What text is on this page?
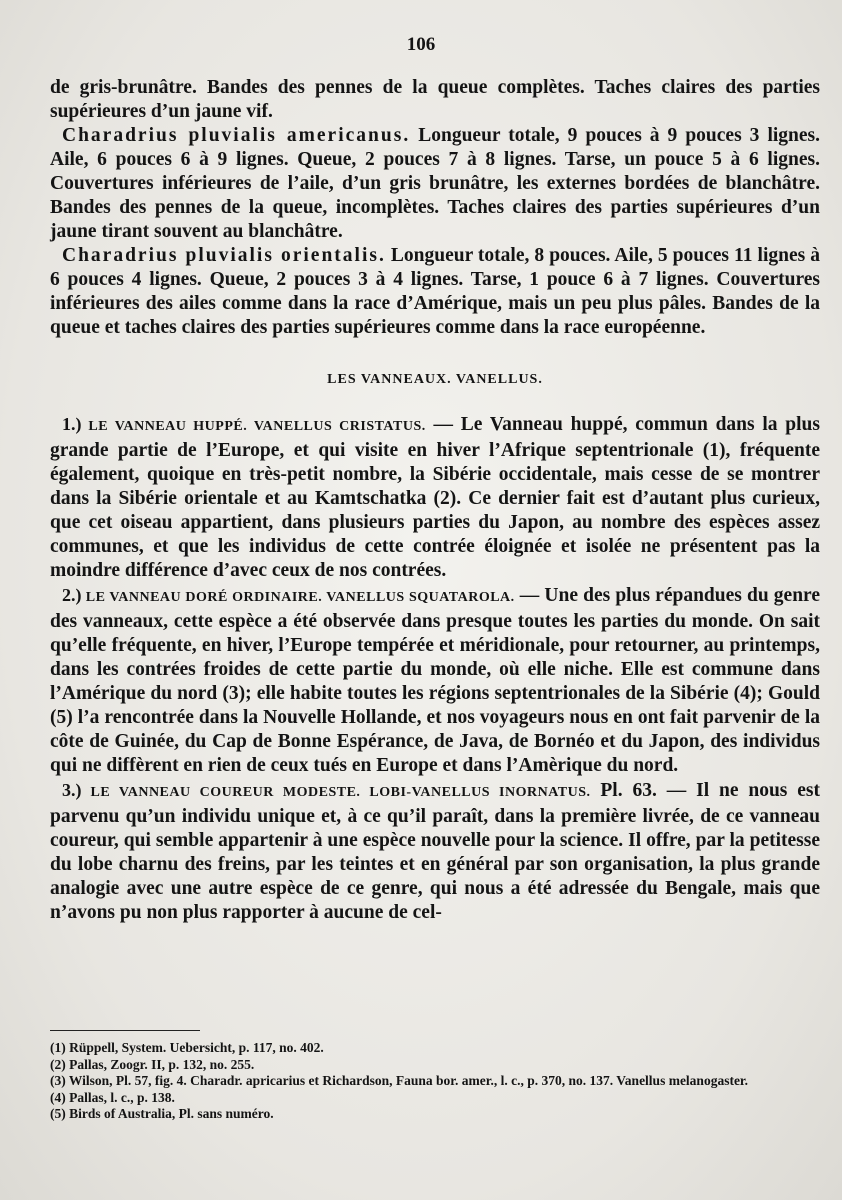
106

de gris-brunâtre. Bandes des pennes de la queue complètes. Taches claires des parties supérieures d’un jaune vif.

Charadrius pluvialis americanus. Longueur totale, 9 pouces à 9 pouces 3 lignes. Aile, 6 pouces 6 à 9 lignes. Queue, 2 pouces 7 à 8 lignes. Tarse, un pouce 5 à 6 lignes. Couvertures inférieures de l’aile, d’un gris brunâtre, les externes bordées de blanchâtre. Bandes des pennes de la queue, incomplètes. Taches claires des parties supérieures d’un jaune tirant souvent au blanchâtre.

Charadrius pluvialis orientalis. Longueur totale, 8 pouces. Aile, 5 pouces 11 lignes à 6 pouces 4 lignes. Queue, 2 pouces 3 à 4 lignes. Tarse, 1 pouce 6 à 7 lignes. Couvertures inférieures des ailes comme dans la race d’Amérique, mais un peu plus pâles. Bandes de la queue et taches claires des parties supérieures comme dans la race européenne.

LES VANNEAUX. VANELLUS.

1.) LE VANNEAU HUPPÉ. VANELLUS CRISTATUS. — Le Vanneau huppé, commun dans la plus grande partie de l’Europe, et qui visite en hiver l’Afrique septentrionale (1), fréquente également, quoique en très-petit nombre, la Sibérie occidentale, mais cesse de se montrer dans la Sibérie orientale et au Kamtschatka (2). Ce dernier fait est d’autant plus curieux, que cet oiseau appartient, dans plusieurs parties du Japon, au nombre des espèces assez communes, et que les individus de cette contrée éloignée et isolée ne présentent pas la moindre différence d’avec ceux de nos contrées.

2.) LE VANNEAU DORÉ ORDINAIRE. VANELLUS SQUATAROLA. — Une des plus répandues du genre des vanneaux, cette espèce a été observée dans presque toutes les parties du monde. On sait qu’elle fréquente, en hiver, l’Europe tempérée et méridionale, pour retourner, au printemps, dans les contrées froides de cette partie du monde, où elle niche. Elle est commune dans l’Amérique du nord (3); elle habite toutes les régions septentrionales de la Sibérie (4); Gould (5) l’a rencontrée dans la Nouvelle Hollande, et nos voyageurs nous en ont fait parvenir de la côte de Guinée, du Cap de Bonne Espérance, de Java, de Bornéo et du Japon, des individus qui ne diffèrent en rien de ceux tués en Europe et dans l’Amèrique du nord.

3.) LE VANNEAU COUREUR MODESTE. LOBI-VANELLUS INORNATUS. Pl. 63. — Il ne nous est parvenu qu’un individu unique et, à ce qu’il paraît, dans la première livrée, de ce vanneau coureur, qui semble appartenir à une espèce nouvelle pour la science. Il offre, par la petitesse du lobe charnu des freins, par les teintes et en général par son organisation, la plus grande analogie avec une autre espèce de ce genre, qui nous a été adressée du Bengale, mais que n’avons pu non plus rapporter à aucune de cel-

(1) Rüppell, System. Uebersicht, p. 117, no. 402.
(2) Pallas, Zoogr. II, p. 132, no. 255.
(3) Wilson, Pl. 57, fig. 4. Charadr. apricarius et Richardson, Fauna bor. amer., l. c., p. 370, no. 137. Vanellus melanogaster.
(4) Pallas, l. c., p. 138.
(5) Birds of Australia, Pl. sans numéro.
